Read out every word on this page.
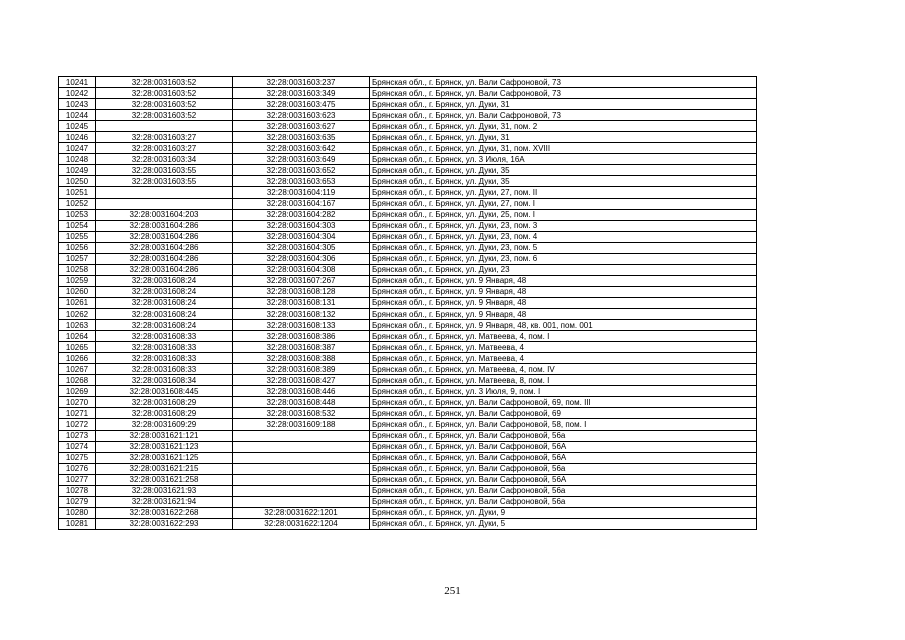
10241	32:28:0031603:52	32:28:0031603:237	Брянская обл., г. Брянск, ул. Вали Сафроновой, 73
10242	32:28:0031603:52	32:28:0031603:349	Брянская обл., г. Брянск, ул. Вали Сафроновой, 73
10243	32:28:0031603:52	32:28:0031603:475	Брянская обл., г. Брянск, ул. Дуки, 31
10244	32:28:0031603:52	32:28:0031603:623	Брянская обл., г. Брянск, ул. Вали Сафроновой, 73
10245		32:28:0031603:627	Брянская обл., г. Брянск, ул. Дуки, 31, пом. 2
10246	32:28:0031603:27	32:28:0031603:635	Брянская обл., г. Брянск, ул. Дуки, 31
10247	32:28:0031603:27	32:28:0031603:642	Брянская обл., г. Брянск, ул. Дуки, 31, пом. XVIII
10248	32:28:0031603:34	32:28:0031603:649	Брянская обл., г. Брянск, ул. 3 Июля, 16А
10249	32:28:0031603:55	32:28:0031603:652	Брянская обл., г. Брянск, ул. Дуки, 35
10250	32:28:0031603:55	32:28:0031603:653	Брянская обл., г. Брянск, ул. Дуки, 35
10251		32:28:0031604:119	Брянская обл., г. Брянск, ул. Дуки, 27, пом. II
10252		32:28:0031604:167	Брянская обл., г. Брянск, ул. Дуки, 27, пом. I
10253	32:28:0031604:203	32:28:0031604:282	Брянская обл., г. Брянск, ул. Дуки, 25, пом. I
10254	32:28:0031604:286	32:28:0031604:303	Брянская обл., г. Брянск, ул. Дуки, 23, пом. 3
10255	32:28:0031604:286	32:28:0031604:304	Брянская обл., г. Брянск, ул. Дуки, 23, пом. 4
10256	32:28:0031604:286	32:28:0031604:305	Брянская обл., г. Брянск, ул. Дуки, 23, пом. 5
10257	32:28:0031604:286	32:28:0031604:306	Брянская обл., г. Брянск, ул. Дуки, 23, пом. 6
10258	32:28:0031604:286	32:28:0031604:308	Брянская обл., г. Брянск, ул. Дуки, 23
10259	32:28:0031608:24	32:28:0031607:267	Брянская обл., г. Брянск, ул. 9 Января, 48
10260	32:28:0031608:24	32:28:0031608:128	Брянская обл., г. Брянск, ул. 9 Января, 48
10261	32:28:0031608:24	32:28:0031608:131	Брянская обл., г. Брянск, ул. 9 Января, 48
10262	32:28:0031608:24	32:28:0031608:132	Брянская обл., г. Брянск, ул. 9 Января, 48
10263	32:28:0031608:24	32:28:0031608:133	Брянская обл., г. Брянск, ул. 9 Января, 48, кв. 001, пом. 001
10264	32:28:0031608:33	32:28:0031608:386	Брянская обл., г. Брянск, ул. Матвеева, 4, пом. I
10265	32:28:0031608:33	32:28:0031608:387	Брянская обл., г. Брянск, ул. Матвеева, 4
10266	32:28:0031608:33	32:28:0031608:388	Брянская обл., г. Брянск, ул. Матвеева, 4
10267	32:28:0031608:33	32:28:0031608:389	Брянская обл., г. Брянск, ул. Матвеева, 4, пом. IV
10268	32:28:0031608:34	32:28:0031608:427	Брянская обл., г. Брянск, ул. Матвеева, 8, пом. I
10269	32:28:0031608:445	32:28:0031608:446	Брянская обл., г. Брянск, ул. 3 Июля, 9, пом. I
10270	32:28:0031608:29	32:28:0031608:448	Брянская обл., г. Брянск, ул. Вали Сафроновой, 69, пом. III
10271	32:28:0031608:29	32:28:0031608:532	Брянская обл., г. Брянск, ул. Вали Сафроновой, 69
10272	32:28:0031609:29	32:28:0031609:188	Брянская обл., г. Брянск, ул. Вали Сафроновой, 58, пом. I
10273	32:28:0031621:121		Брянская обл., г. Брянск, ул. Вали Сафроновой, 56а
10274	32:28:0031621:123		Брянская обл., г. Брянск, ул. Вали Сафроновой, 56А
10275	32:28:0031621:125		Брянская обл., г. Брянск, ул. Вали Сафроновой, 56А
10276	32:28:0031621:215		Брянская обл., г. Брянск, ул. Вали Сафроновой, 56а
10277	32:28:0031621:258		Брянская обл., г. Брянск, ул. Вали Сафроновой, 56А
10278	32:28:0031621:93		Брянская обл., г. Брянск, ул. Вали Сафроновой, 56а
10279	32:28:0031621:94		Брянская обл., г. Брянск, ул. Вали Сафроновой, 56а
10280	32:28:0031622:268	32:28:0031622:1201	Брянская обл., г. Брянск, ул. Дуки, 9
10281	32:28:0031622:293	32:28:0031622:1204	Брянская обл., г. Брянск, ул. Дуки, 5
251
